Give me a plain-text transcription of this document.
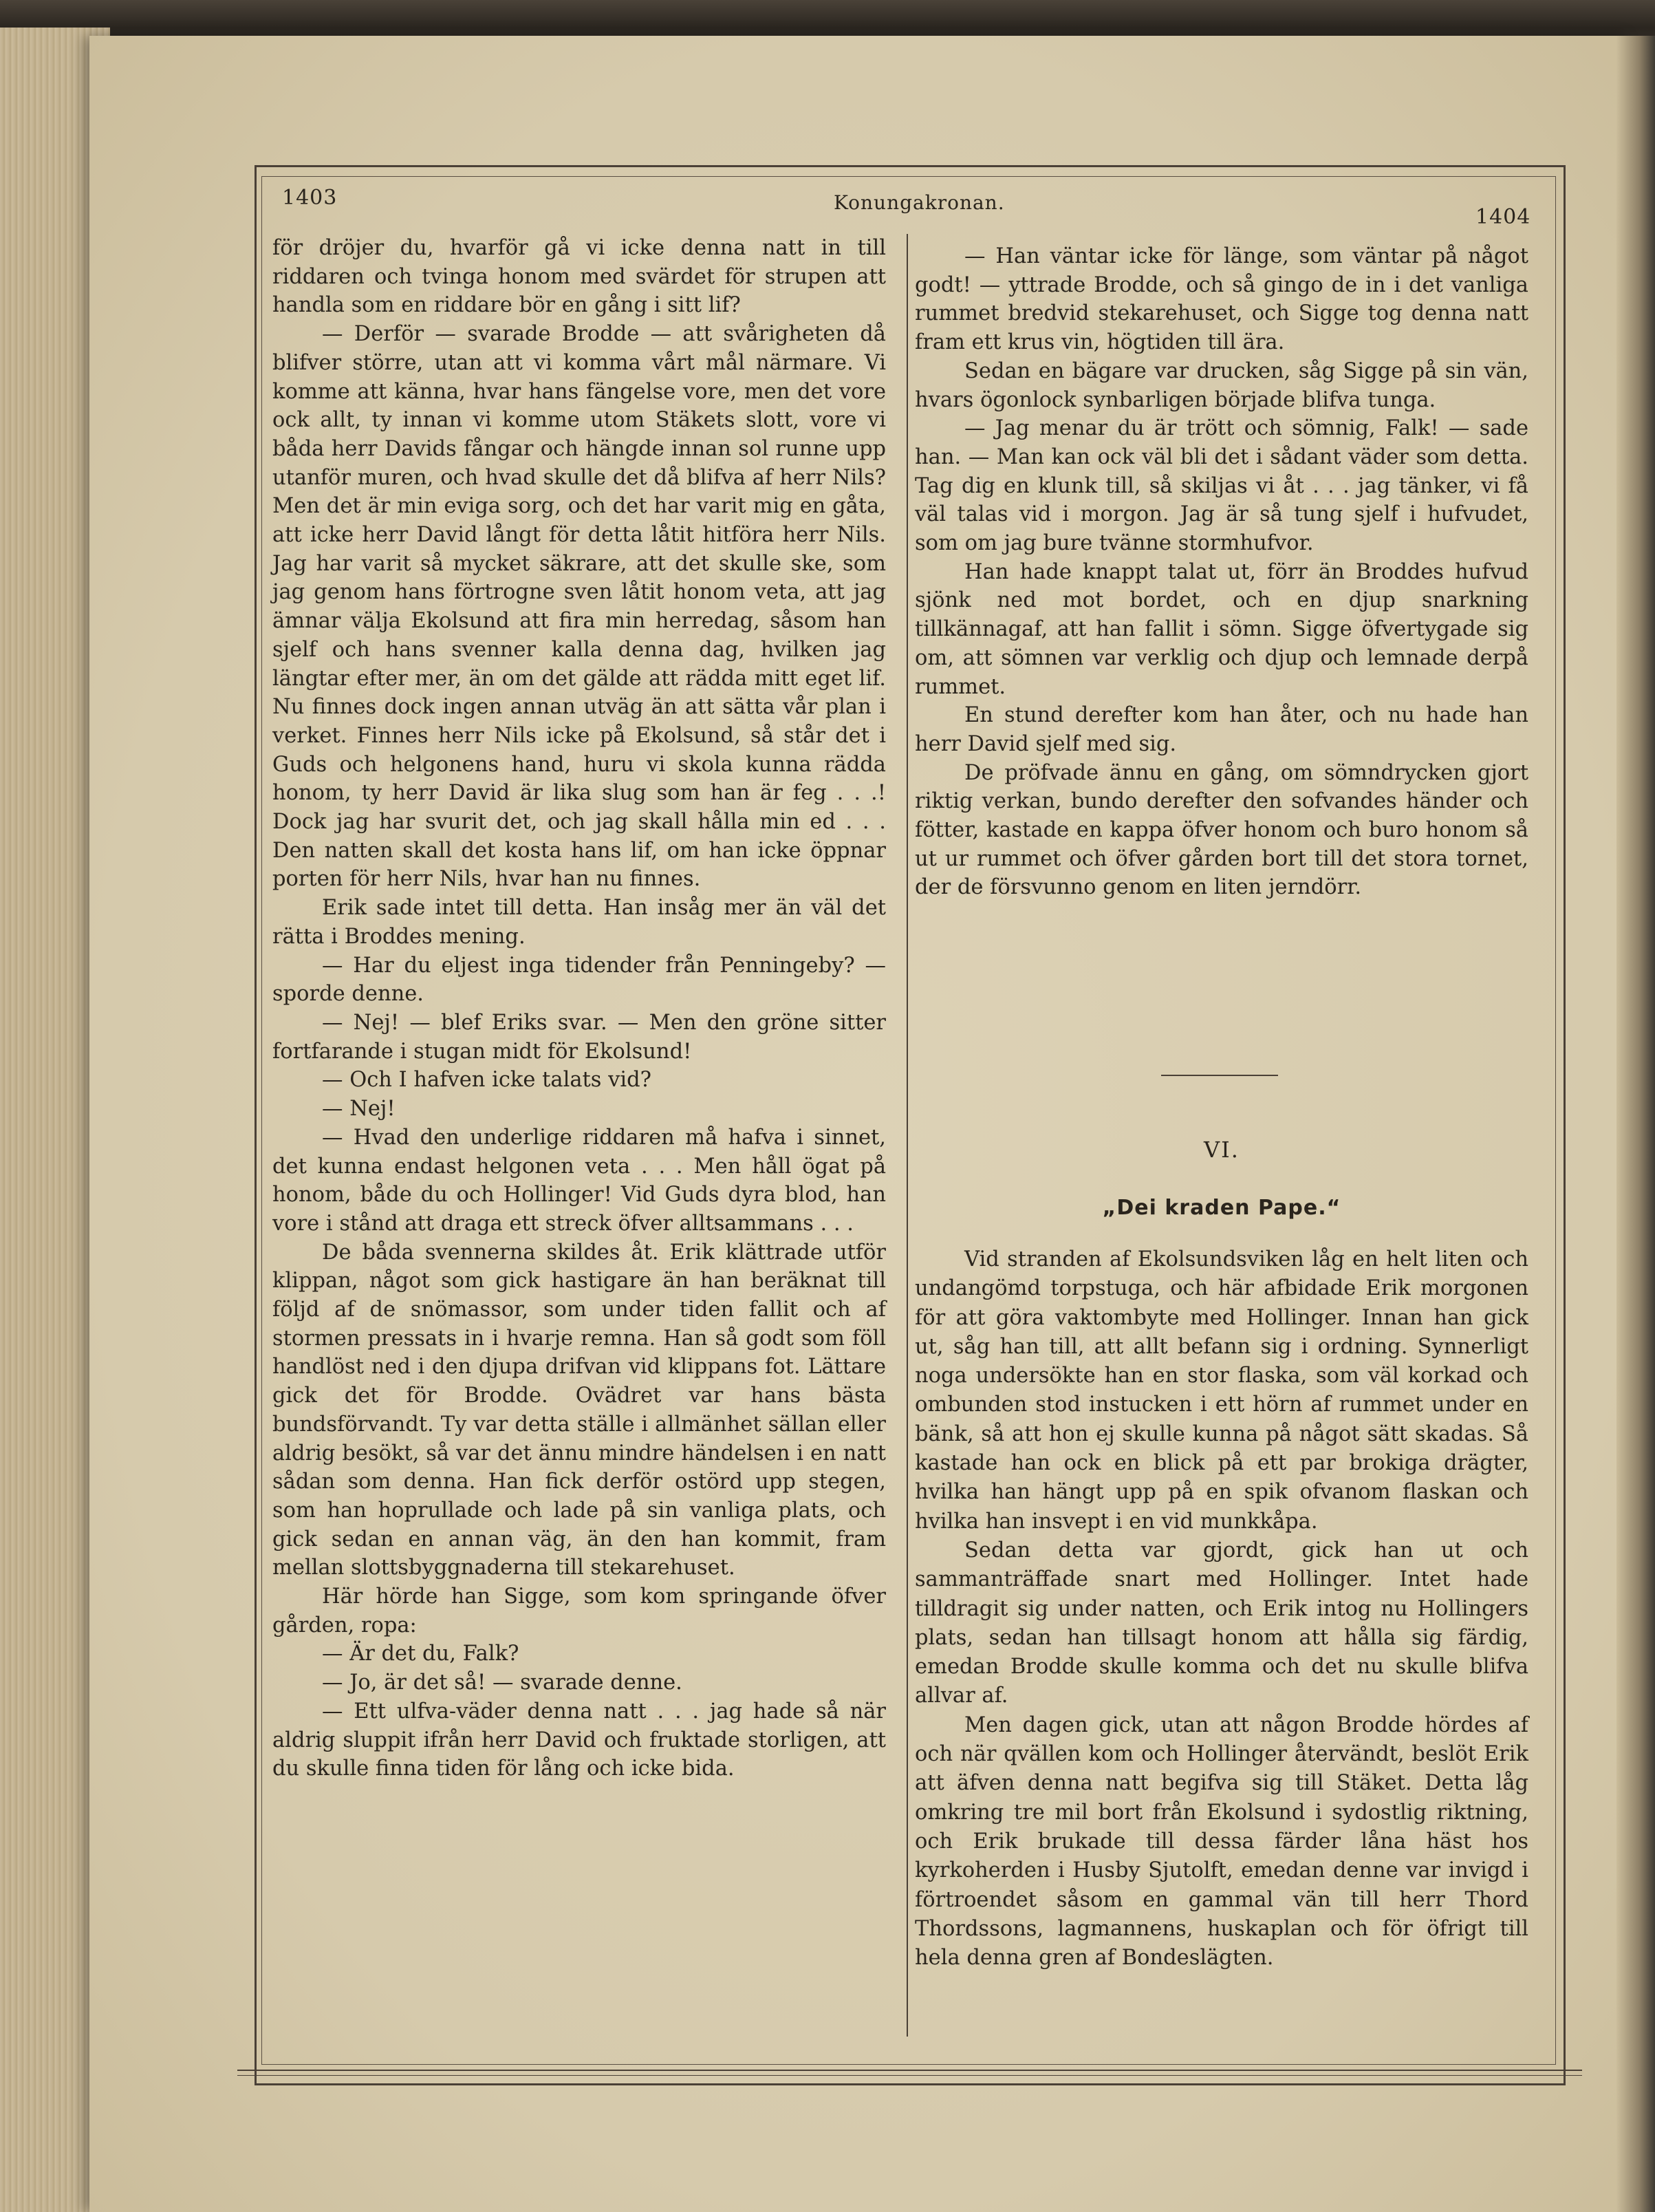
1403	Konungakronan.
1404

för dröjer du, hvarför gå vi icke denna natt in till riddaren och tvinga honom med svärdet för strupen att handla som en riddare bör en gång i sitt lif?

— Derför — svarade Brodde — att svårigheten då blifver större, utan att vi komma vårt mål närmare. Vi komme att känna, hvar hans fängelse vore, men det vore ock allt, ty innan vi komme utom Stäkets slott, vore vi båda herr Davids fångar och hängde innan sol runne upp utanför muren, och hvad skulle det då blifva af herr Nils? Men det är min eviga sorg, och det har varit mig en gåta, att icke herr David långt för detta låtit hitföra herr Nils. Jag har varit så mycket säkrare, att det skulle ske, som jag genom hans förtrogne sven låtit honom veta, att jag ämnar välja Ekolsund att fira min herredag, såsom han sjelf och hans svenner kalla denna dag, hvilken jag längtar efter mer, än om det gälde att rädda mitt eget lif. Nu finnes dock ingen annan utväg än att sätta vår plan i verket. Finnes herr Nils icke på Ekolsund, så står det i Guds och helgonens hand, huru vi skola kunna rädda honom, ty herr David är lika slug som han är feg . . .! Dock jag har svurit det, och jag skall hålla min ed . . . Den natten skall det kosta hans lif, om han icke öppnar porten för herr Nils, hvar han nu finnes.

Erik sade intet till detta. Han insåg mer än väl det rätta i Broddes mening.

— Har du eljest inga tidender från Penningeby? — sporde denne.

— Nej! — blef Eriks svar. — Men den gröne sitter fortfarande i stugan midt för Ekolsund!

— Och I hafven icke talats vid?

— Nej!

— Hvad den underlige riddaren må hafva i sinnet, det kunna endast helgonen veta . . . Men håll ögat på honom, både du och Hollinger! Vid Guds dyra blod, han vore i stånd att draga ett streck öfver alltsammans . . .

De båda svennerna skildes åt. Erik klättrade utför klippan, något som gick hastigare än han beräknat till följd af de snömassor, som under tiden fallit och af stormen pressats in i hvarje remna. Han så godt som föll handlöst ned i den djupa drifvan vid klippans fot. Lättare gick det för Brodde. Ovädret var hans bästa bundsförvandt. Ty var detta ställe i allmänhet sällan eller aldrig besökt, så var det ännu mindre händelsen i en natt sådan som denna. Han fick derför ostörd upp stegen, som han hoprullade och lade på sin vanliga plats, och gick sedan en annan väg, än den han kommit, fram mellan slottsbyggnaderna till stekarehuset.

Här hörde han Sigge, som kom springande öfver gården, ropa:

— Är det du, Falk?

— Jo, är det så! — svarade denne.

— Ett ulfva-väder denna natt . . . jag hade så när aldrig sluppit ifrån herr David och fruktade storligen, att du skulle finna tiden för lång och icke bida.

— Han väntar icke för länge, som väntar på något godt! — yttrade Brodde, och så gingo de in i det vanliga rummet bredvid stekarehuset, och Sigge tog denna natt fram ett krus vin, högtiden till ära.

Sedan en bägare var drucken, såg Sigge på sin vän, hvars ögonlock synbarligen började blifva tunga.

— Jag menar du är trött och sömnig, Falk! — sade han. — Man kan ock väl bli det i sådant väder som detta. Tag dig en klunk till, så skiljas vi åt . . . jag tänker, vi få väl talas vid i morgon. Jag är så tung sjelf i hufvudet, som om jag bure tvänne stormhufvor.

Han hade knappt talat ut, förr än Broddes hufvud sjönk ned mot bordet, och en djup snarkning tillkännagaf, att han fallit i sömn. Sigge öfvertygade sig om, att sömnen var verklig och djup och lemnade derpå rummet.

En stund derefter kom han åter, och nu hade han herr David sjelf med sig.

De pröfvade ännu en gång, om sömndrycken gjort riktig verkan, bundo derefter den sofvandes händer och fötter, kastade en kappa öfver honom och buro honom så ut ur rummet och öfver gården bort till det stora tornet, der de försvunno genom en liten jerndörr.

VI.
„Dei kraden Pape.“

Vid stranden af Ekolsundsviken låg en helt liten och undangömd torpstuga, och här afbidade Erik morgonen för att göra vaktombyte med Hollinger. Innan han gick ut, såg han till, att allt befann sig i ordning. Synnerligt noga undersökte han en stor flaska, som väl korkad och ombunden stod instucken i ett hörn af rummet under en bänk, så att hon ej skulle kunna på något sätt skadas. Så kastade han ock en blick på ett par brokiga drägter, hvilka han hängt upp på en spik ofvanom flaskan och hvilka han insvept i en vid munkkåpa.

Sedan detta var gjordt, gick han ut och sammanträffade snart med Hollinger. Intet hade tilldragit sig under natten, och Erik intog nu Hollingers plats, sedan han tillsagt honom att hålla sig färdig, emedan Brodde skulle komma och det nu skulle blifva allvar af.

Men dagen gick, utan att någon Brodde hördes af och när qvällen kom och Hollinger återvändt, beslöt Erik att äfven denna natt begifva sig till Stäket. Detta låg omkring tre mil bort från Ekolsund i sydostlig riktning, och Erik brukade till dessa färder låna häst hos kyrkoherden i Husby Sjutolft, emedan denne var invigd i förtroendet såsom en gammal vän till herr Thord Thordssons, lagmannens, huskaplan och för öfrigt till hela denna gren af Bondeslägten.
